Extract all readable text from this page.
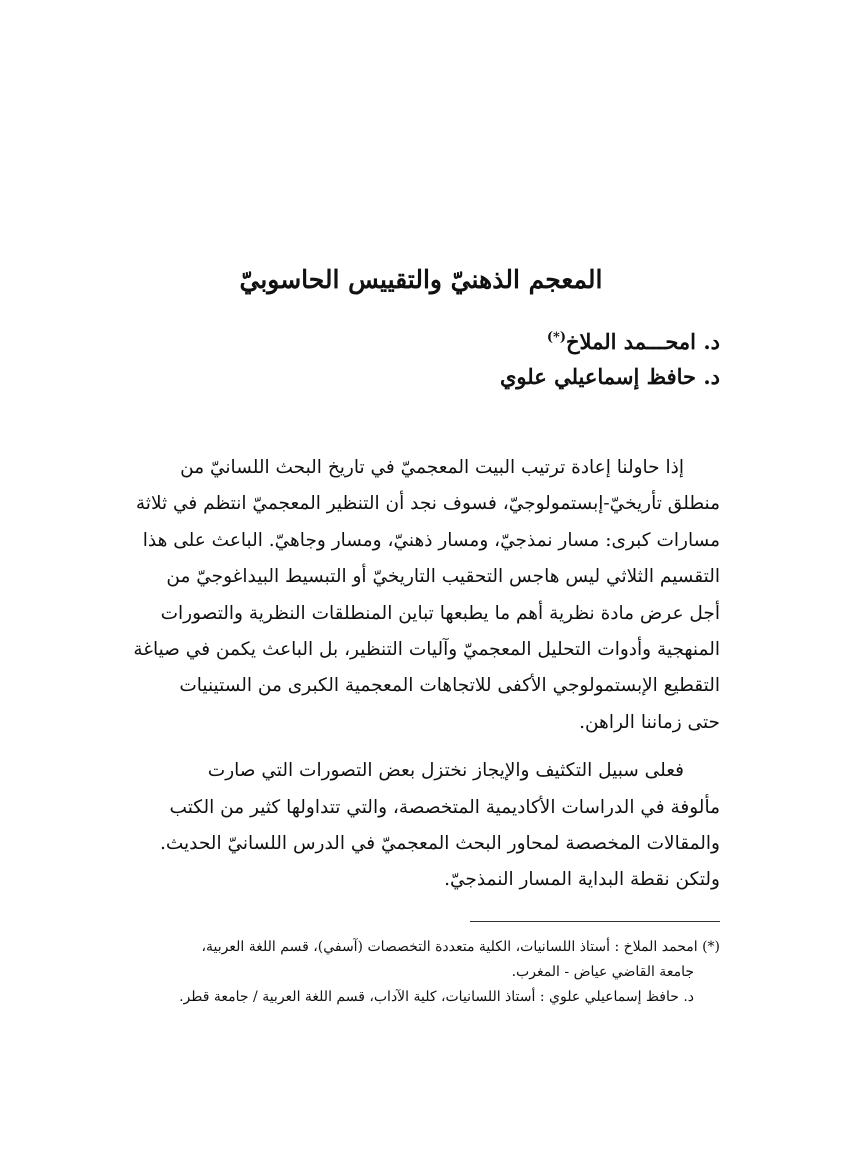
المعجم الذهنيّ والتقييس الحاسوبيّ
د. امحـــمد الملاخ(*)
د. حافظ إسماعيلي علوي

إذا حاولنا إعادة ترتيب البيت المعجميّ في تاريخ البحث اللسانيّ من
منطلق تأريخيّ-إبستمولوجيّ، فسوف نجد أن التنظير المعجميّ انتظم في ثلاثة
مسارات كبرى: مسار نمذجيّ، ومسار ذهنيّ، ومسار وجاهيّ. الباعث على هذا
التقسيم الثلاثي ليس هاجس التحقيب التاريخيّ أو التبسيط البيداغوجيّ من
أجل عرض مادة نظرية أهم ما يطبعها تباين المنطلقات النظرية والتصورات
المنهجية وأدوات التحليل المعجميّ وآليات التنظير، بل الباعث يكمن في صياغة
التقطيع الإبستمولوجي الأكفى للاتجاهات المعجمية الكبرى من الستينيات
حتى زماننا الراهن.

فعلى سبيل التكثيف والإيجاز نختزل بعض التصورات التي صارت
مألوفة في الدراسات الأكاديمية المتخصصة، والتي تتداولها كثير من الكتب
والمقالات المخصصة لمحاور البحث المعجميّ في الدرس اللسانيّ الحديث.
ولتكن نقطة البداية المسار النمذجيّ.

(*) امحمد الملاخ : أستاذ اللسانيات، الكلية متعددة التخصصات (آسفي)، قسم اللغة العربية،
جامعة القاضي عياض - المغرب.
د. حافظ إسماعيلي علوي : أستاذ اللسانيات، كلية الآداب، قسم اللغة العربية / جامعة قطر.
